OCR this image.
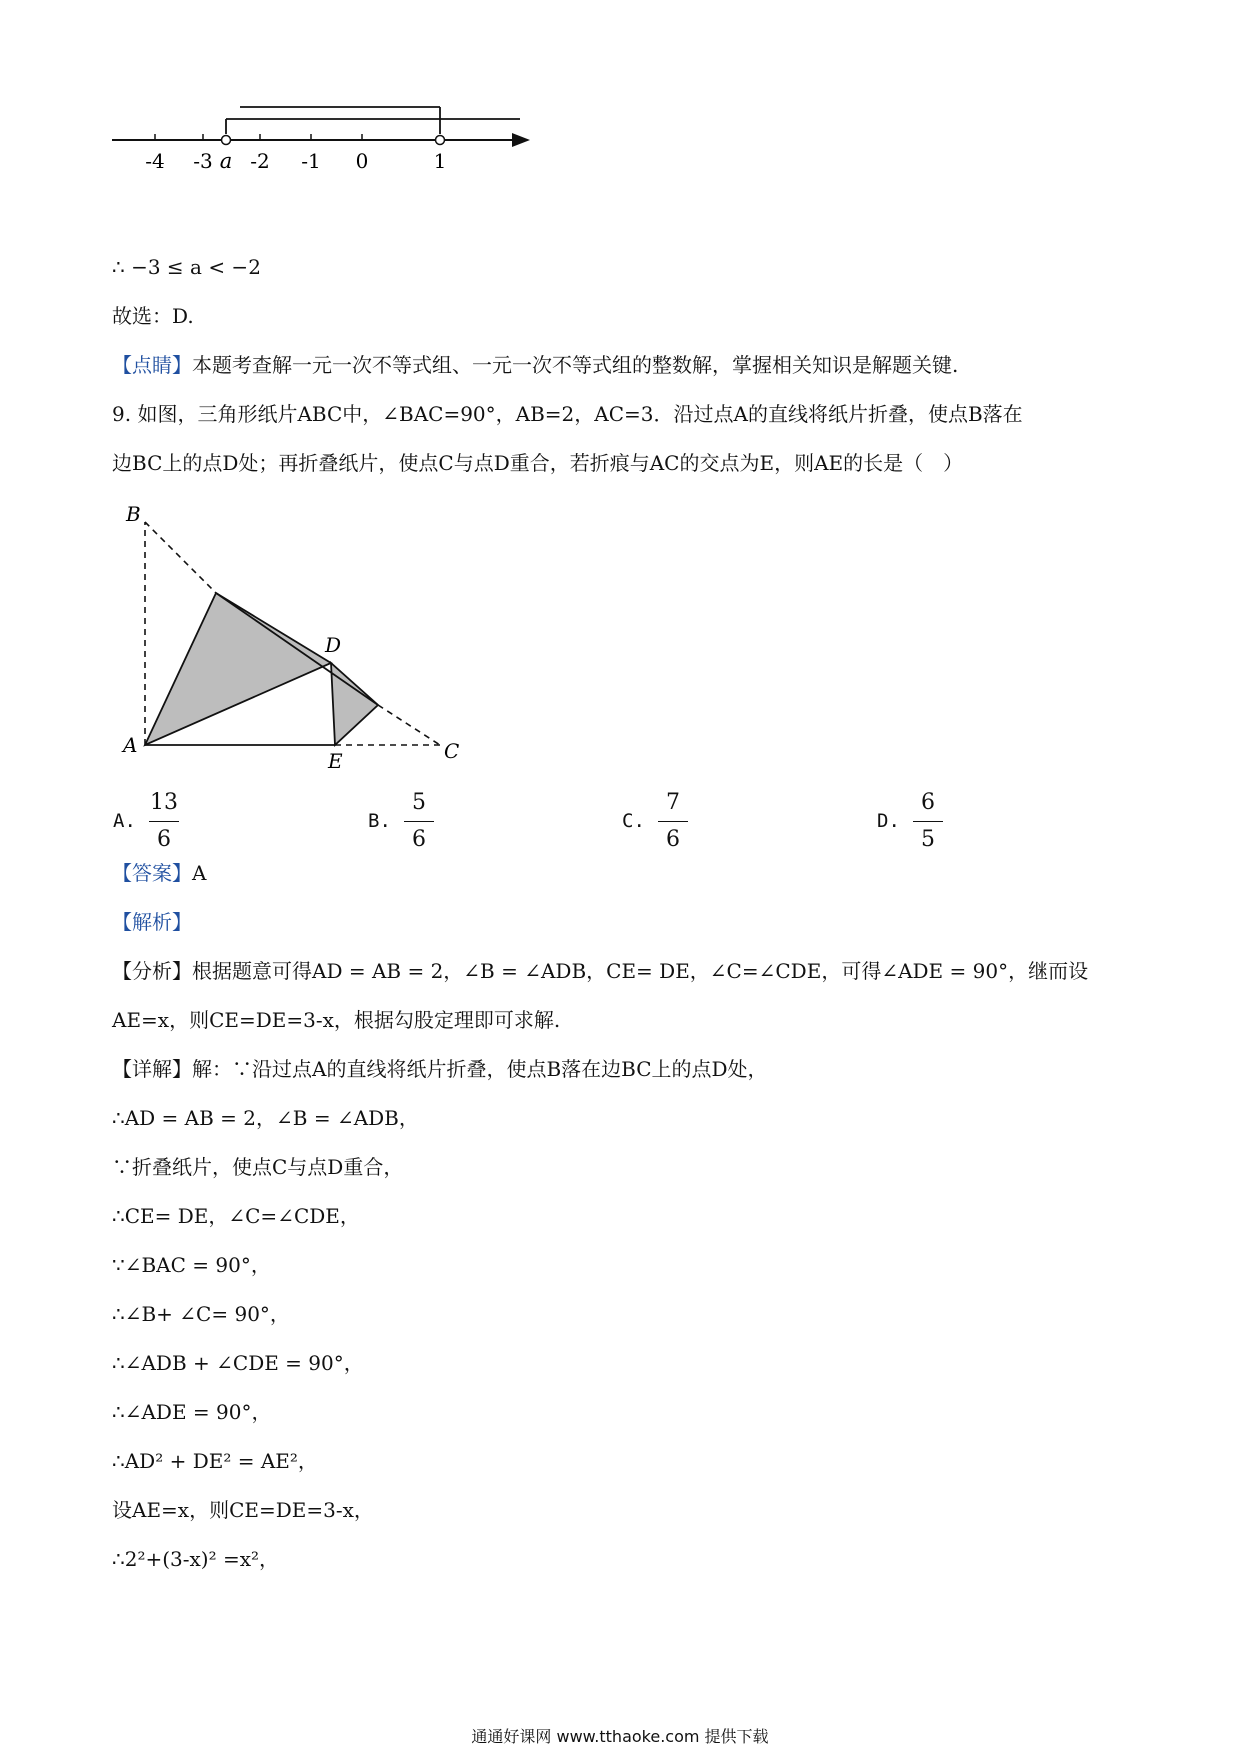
-4 -3 a -2 -1 0	1
∴ −3 ≤ a < −2
故选：D.
【点睛】本题考查解一元一次不等式组、一元一次不等式组的整数解，掌握相关知识是解题关键.
9. 如图，三角形纸片ABC中，∠BAC=90°，AB=2，AC=3．沿过点A的直线将纸片折叠，使点B落在
边BC上的点D处；再折叠纸片，使点C与点D重合，若折痕与AC的交点为E，则AE的长是（　）
B
A	C
D
E
A.
13
6
B.
5
6
C.
7
6
D.
6
5
【答案】A
【解析】
【分析】根据题意可得AD = AB = 2，∠B = ∠ADB，CE= DE，∠C=∠CDE，可得∠ADE = 90°，继而设
AE=x，则CE=DE=3-x，根据勾股定理即可求解.
【详解】解：∵沿过点A的直线将纸片折叠，使点B落在边BC上的点D处，
∴AD = AB = 2，∠B = ∠ADB，
∵折叠纸片，使点C与点D重合，
∴CE= DE，∠C=∠CDE，
∵∠BAC = 90°，
∴∠B+ ∠C= 90°，
∴∠ADB + ∠CDE = 90°，
∴∠ADE = 90°，
∴AD² + DE² = AE²，
设AE=x，则CE=DE=3-x，
∴2²+(3-x)² =x²，
通通好课网 www.tthaoke.com 提供下载
